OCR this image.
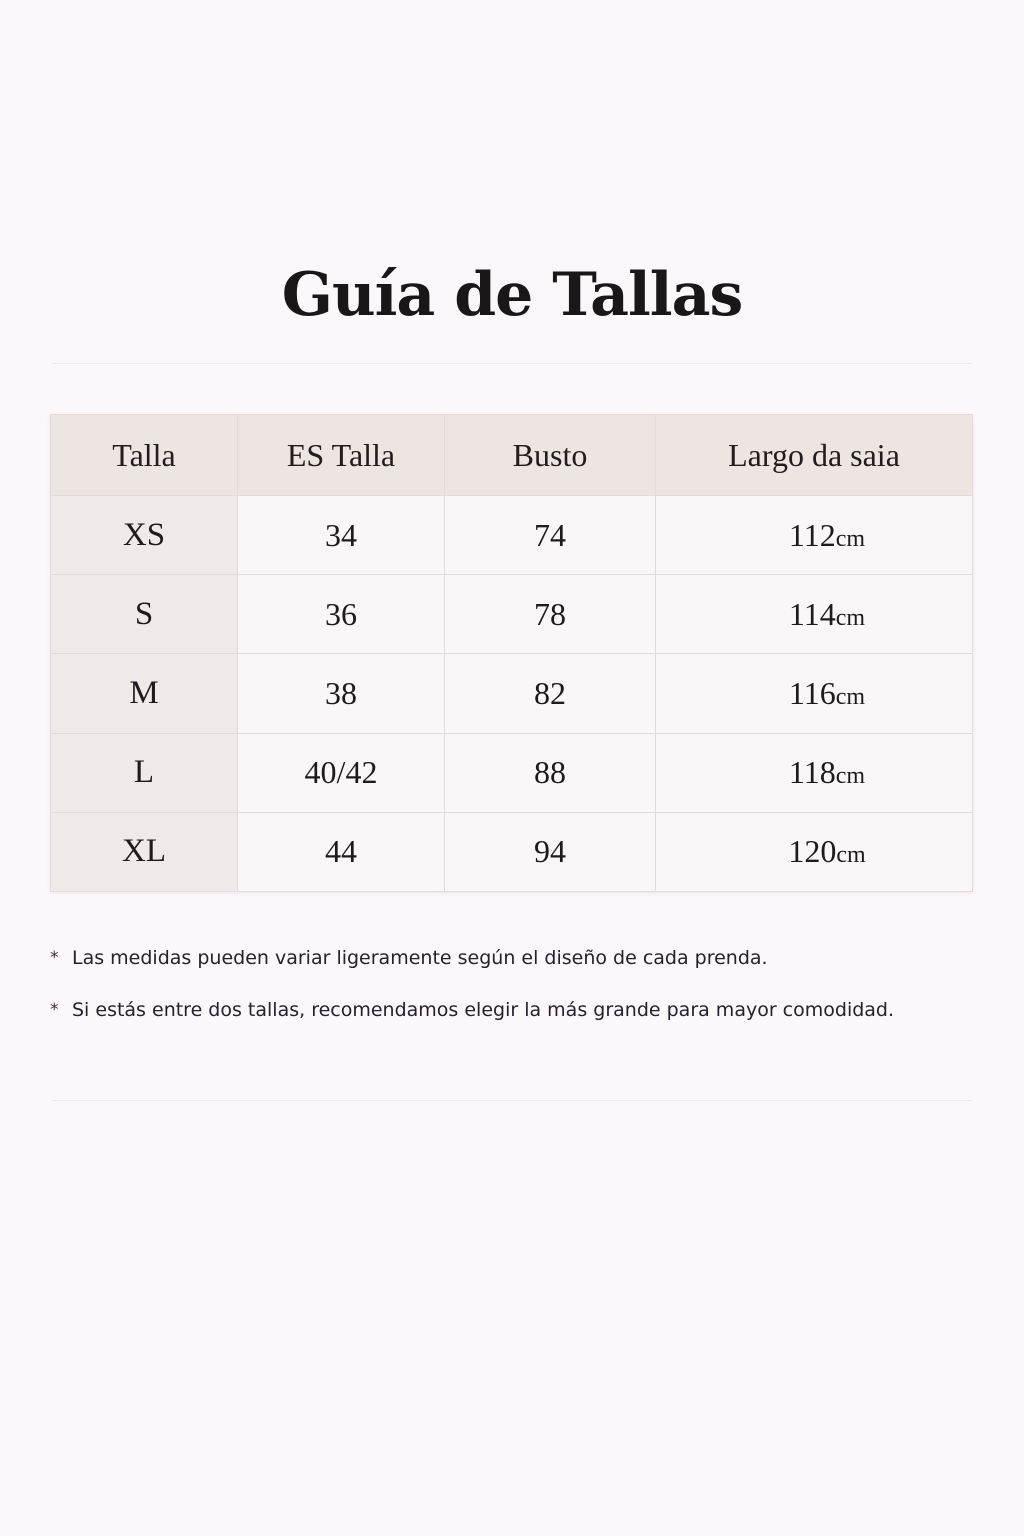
Guía de Tallas
Talla	ES Talla	Busto	Largo da saia
XS	34	74	112cm
S	36	78	114cm
M	38	82	116cm
L	40/42	88	118cm
XL	44	94	120cm
* Las medidas pueden variar ligeramente según el diseño de cada prenda.
* Si estás entre dos tallas, recomendamos elegir la más grande para mayor comodidad.
